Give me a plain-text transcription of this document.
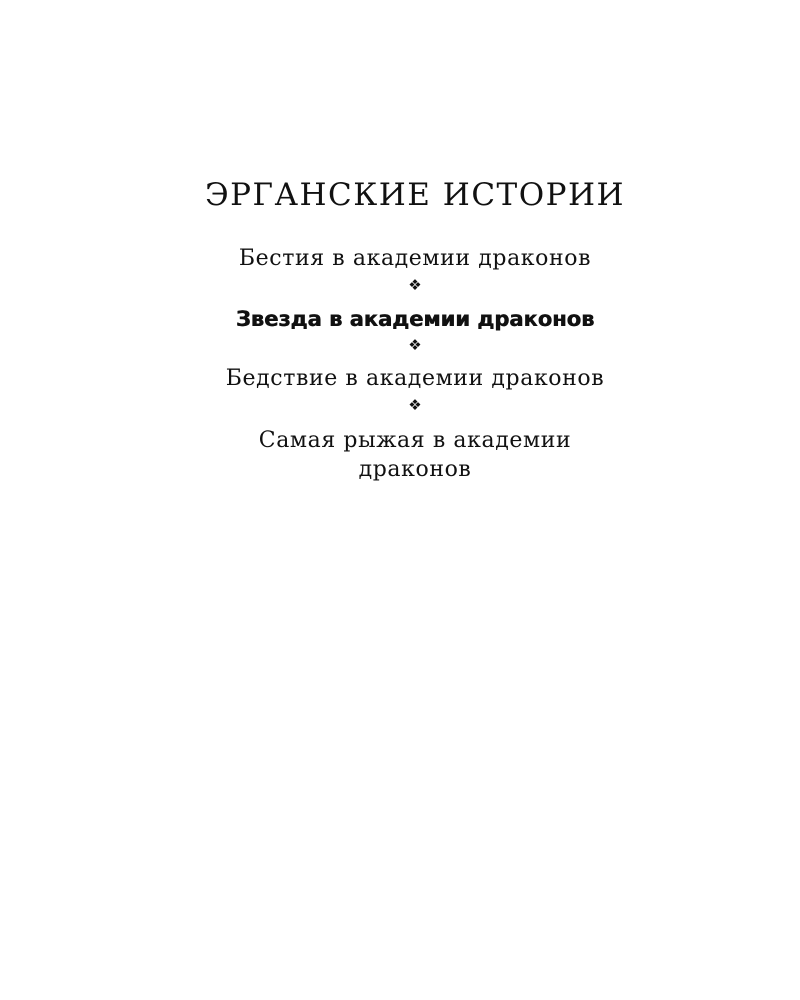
ЭРГАНСКИЕ ИСТОРИИ
Бестия в академии драконов
❖
Звезда в академии драконов
❖
Бедствие в академии драконов
❖
Самая рыжая в академии драконов
